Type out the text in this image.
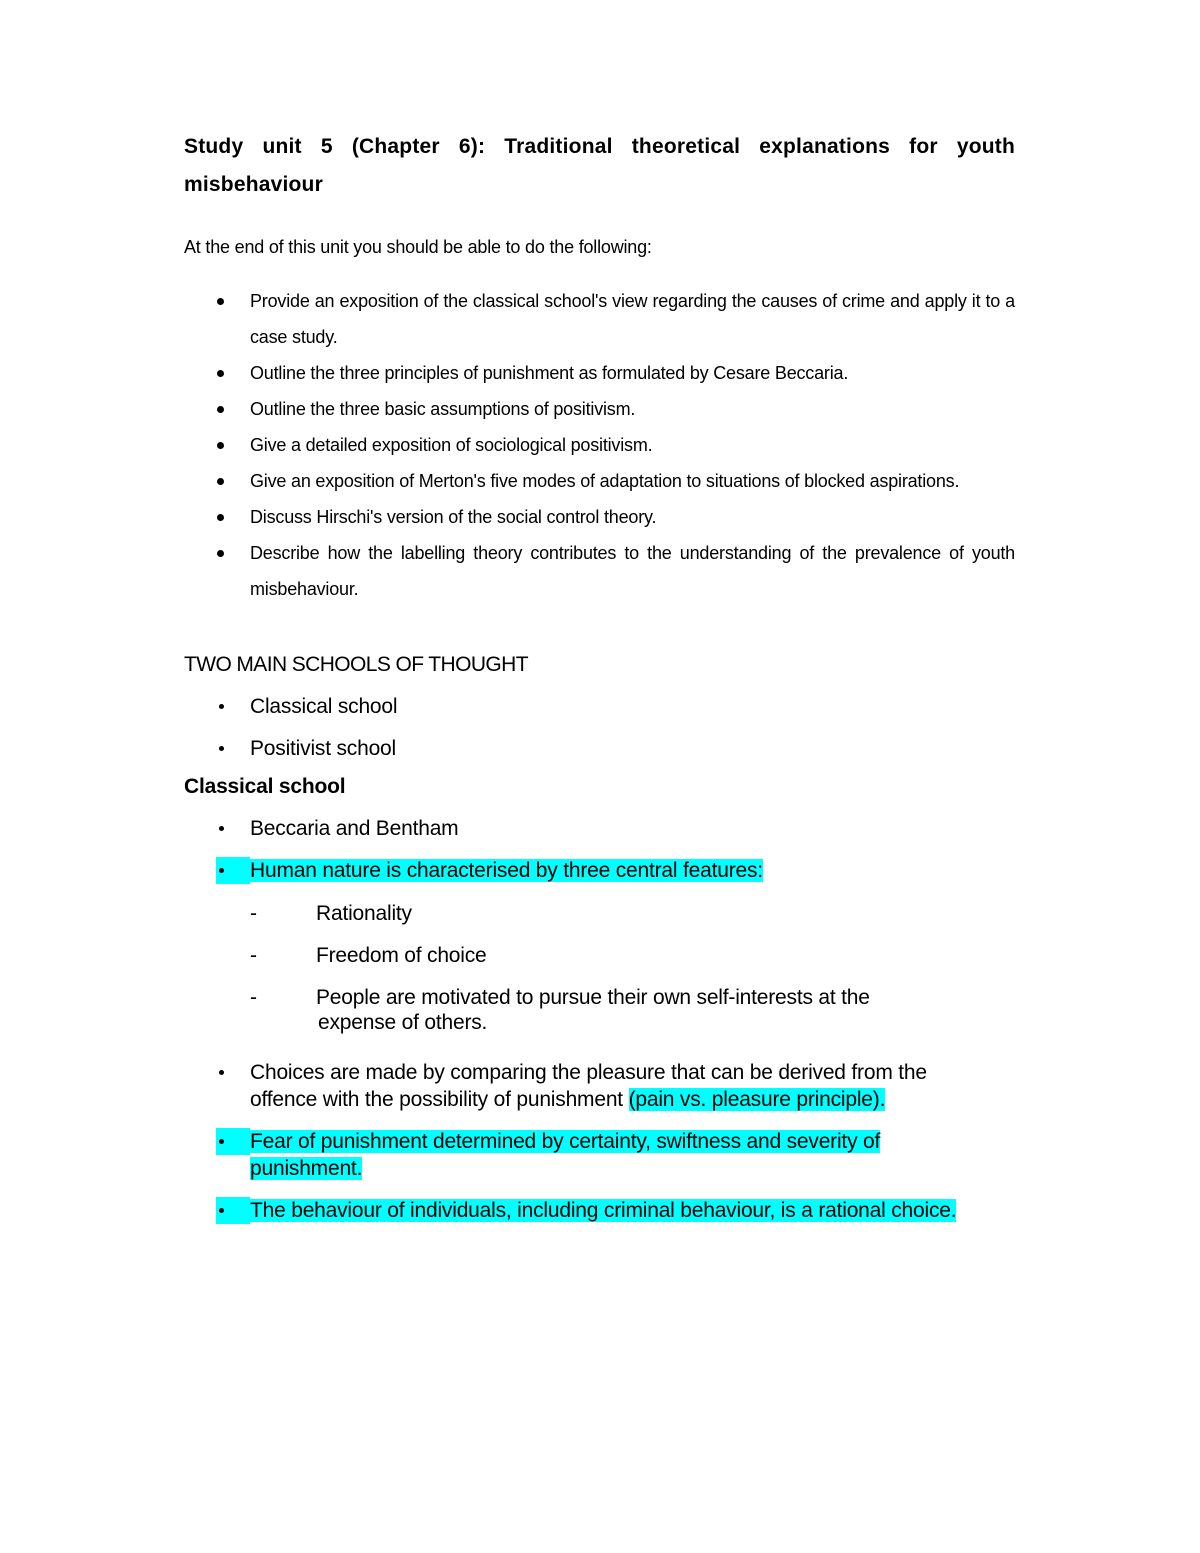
Study unit 5 (Chapter 6): Traditional theoretical explanations for youth misbehaviour

At the end of this unit you should be able to do the following:

Provide an exposition of the classical school's view regarding the causes of crime and apply it to a case study.
Outline the three principles of punishment as formulated by Cesare Beccaria.
Outline the three basic assumptions of positivism.
Give a detailed exposition of sociological positivism.
Give an exposition of Merton's five modes of adaptation to situations of blocked aspirations.
Discuss Hirschi's version of the social control theory.
Describe how the labelling theory contributes to the understanding of the prevalence of youth misbehaviour.

TWO MAIN SCHOOLS OF THOUGHT

Classical school
Positivist school

Classical school

Beccaria and Bentham
Human nature is characterised by three central features:
-	Rationality
-	Freedom of choice
-	People are motivated to pursue their own self-interests at the
expense of others.
Choices are made by comparing the pleasure that can be derived from the
offence with the possibility of punishment (pain vs. pleasure principle).
Fear of punishment determined by certainty, swiftness and severity of
punishment.
The behaviour of individuals, including criminal behaviour, is a rational choice.
